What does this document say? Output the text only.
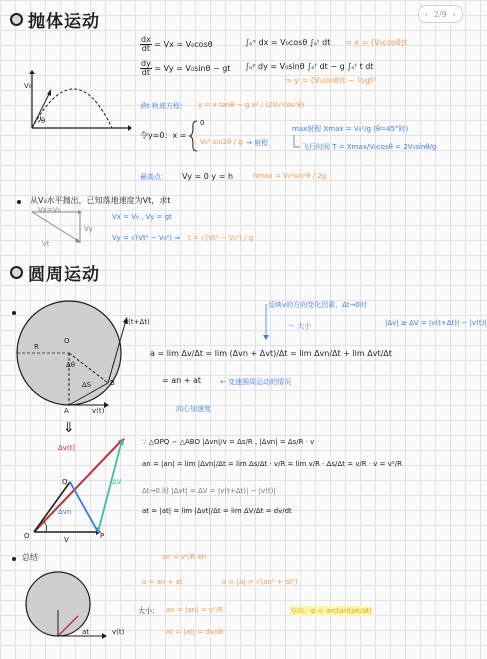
‹ 2/9 ›
抛体运动
V₀
θ
$\frac{dx}{dt} = Vx = V_0\cos\theta$	∫ₒˣ dx = V₀cosθ ∫ₒᵗ dt ⇒ x = (V₀cosθ)t
$\frac{dy}{dt} = Vy = V_0\sin\theta$ − gt ∫ₒʸ dy = V₀sinθ ∫ₒᵗ dt − g ∫ₒᵗ t dt
⇒ y = (V₀sinθ)t − ½gt²
消t 轨迹方程： y = x tanθ − g x² / (2V₀²cos²θ)
令y=0：x =
0
V₀² sin2θ / g → 射程
max射程 Xmax = V₀²/g (θ=45°时)
飞行时间 T = Xmax/V₀cosθ = 2V₀sinθ/g
最高点： Vy = 0 y = h	hmax = V₀²sin²θ / 2g
从V₀水平抛出，已知落地速度为Vt，求t
Vx=V₀
Vt
Vy
Vx = V₀ , Vy = gt
Vy = √(Vt² − V₀²) ⇒ t = √(Vt² − V₀²) / g
圆周运动
R
O
Δθ
ΔS	B
A	v(t)
v(t+Δt)
反映v的方向变化因素，Δt→0时
～ 大小	|Δv| ≥ ΔV = |v(t+Δt)| − |v(t)|
a = lim Δv/Δt = lim (Δvn + Δvt)/Δt = lim Δvn/Δt + lim Δvt/Δt
= an + at	← 变速圆周运动的情况
向心加速度
⇓
Δv(t)
ΔV
Δvn
Q
O	P
V
∵ △OPQ ∽ △ABO |Δvn|/v = Δs/R , |Δvn| = Δs/R · v
an = |an| = lim |Δvn|/Δt = lim Δs/Δt · v/R = lim v/R · Δs/Δt = v/R · v = v²/R
Δt→0 时 |Δvt| = ΔV = |v(t+Δt)| − |v(t)|
at = |at| = lim |Δvt|/Δt = lim ΔV/Δt = dv/dt
总结
at	v(t)
an = v²/R en
a = an + at	a = |a| = √(an² + at²)
大小： an = |an| = v²/R
at = |at| = dv/dt
方向：α = arctan(an/at)
